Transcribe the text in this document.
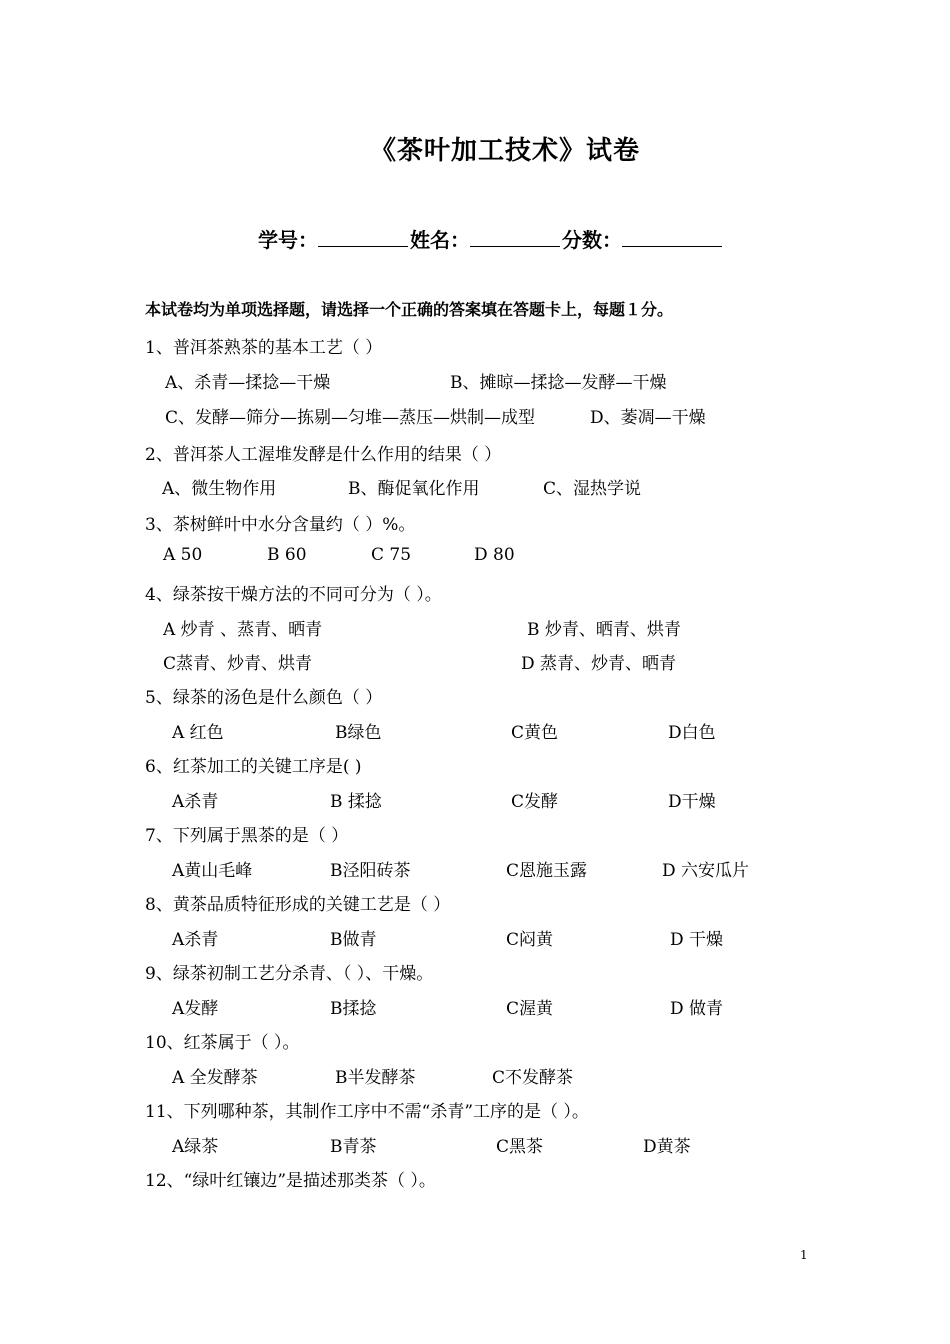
《茶叶加工技术》试卷
学号：	姓名：	分数：
本试卷均为单项选择题，请选择一个正确的答案填在答题卡上，每题１分。
1、普洱茶熟茶的基本工艺（ ）
A、杀青—揉捻—干燥	B、摊晾—揉捻—发酵—干燥
C、发酵—筛分—拣剔—匀堆—蒸压—烘制—成型	D、萎凋—干燥
2、普洱茶人工渥堆发酵是什么作用的结果（ ）
A、微生物作用	B、酶促氧化作用	C、湿热学说
3、茶树鲜叶中水分含量约（ ）%。
A 50	B 60	C 75	D 80
4、绿茶按干燥方法的不同可分为（ ）。
A 炒青 、蒸青、晒青	B 炒青、晒青、烘青
C蒸青、炒青、烘青	D 蒸青、炒青、晒青
5、绿茶的汤色是什么颜色（ ）
A 红色	B绿色	C黄色	D白色
6、红茶加工的关键工序是( )
A杀青	B 揉捻	C发酵	D干燥
7、下列属于黑茶的是（ ）
A黄山毛峰	B泾阳砖茶	C恩施玉露	D 六安瓜片
8、黄茶品质特征形成的关键工艺是（ ）
A杀青	B做青	C闷黄	D 干燥
9、绿茶初制工艺分杀青、（ ）、干燥。
A发酵	B揉捻	C渥黄	D 做青
10、红茶属于（ ）。
A 全发酵茶	B半发酵茶	C不发酵茶
11、下列哪种茶，其制作工序中不需“杀青”工序的是（ ）。
A绿茶	B青茶	C黑茶	D黄茶
12、“绿叶红镶边”是描述那类茶（ ）。
1
